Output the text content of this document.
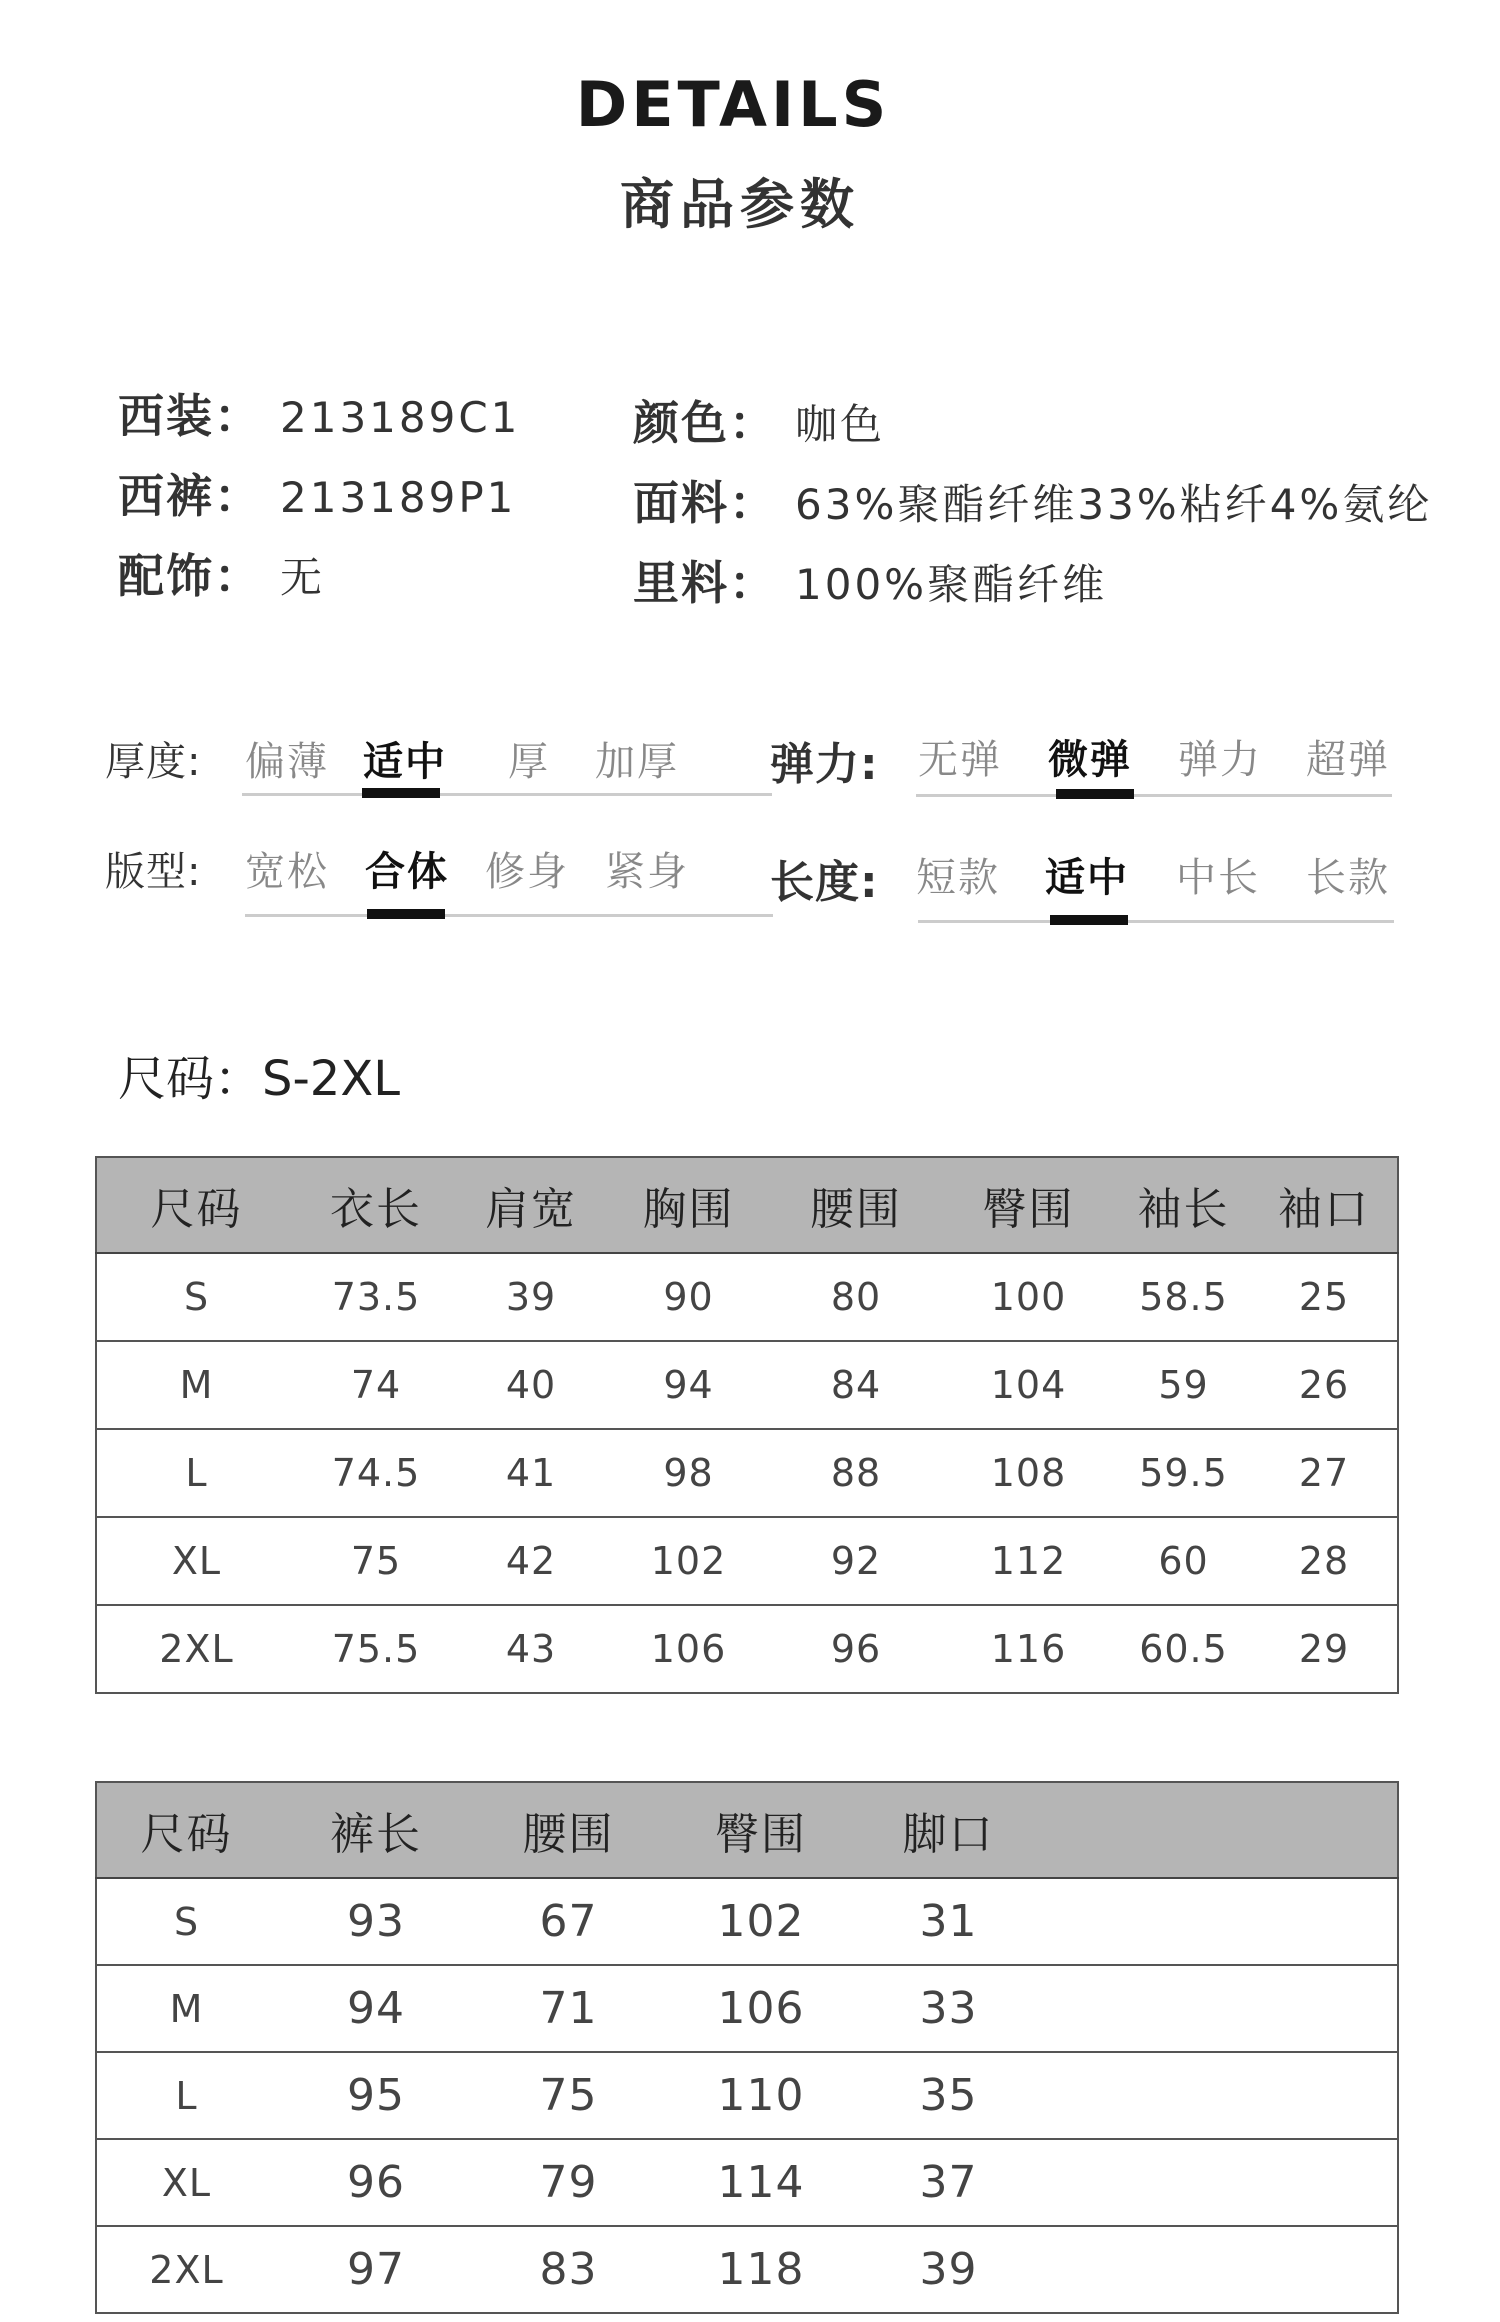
DETAILS
商品参数
西装： 213189C1
西裤： 213189P1
配饰： 无
颜色： 咖色
面料： 63%聚酯纤维33%粘纤4%氨纶
里料： 100%聚酯纤维
厚度: 偏薄 适中 厚 加厚 弹力: 无弹 微弹 弹力 超弹
版型: 宽松 合体 修身 紧身 长度: 短款 适中 中长 长款
尺码：S-2XL
尺码	衣长	肩宽	胸围	腰围	臀围	袖长	袖口
S	73.5	39	90	80	100	58.5	25
M	74	40	94	84	104	59	26
L	74.5	41	98	88	108	59.5	27
XL	75	42	102	92	112	60	28
2XL	75.5	43	106	96	116	60.5	29
尺码	裤长	腰围	臀围	脚口	
S	93	67	102	31	
M	94	71	106	33	
L	95	75	110	35	
XL	96	79	114	37	
2XL	97	83	118	39	
